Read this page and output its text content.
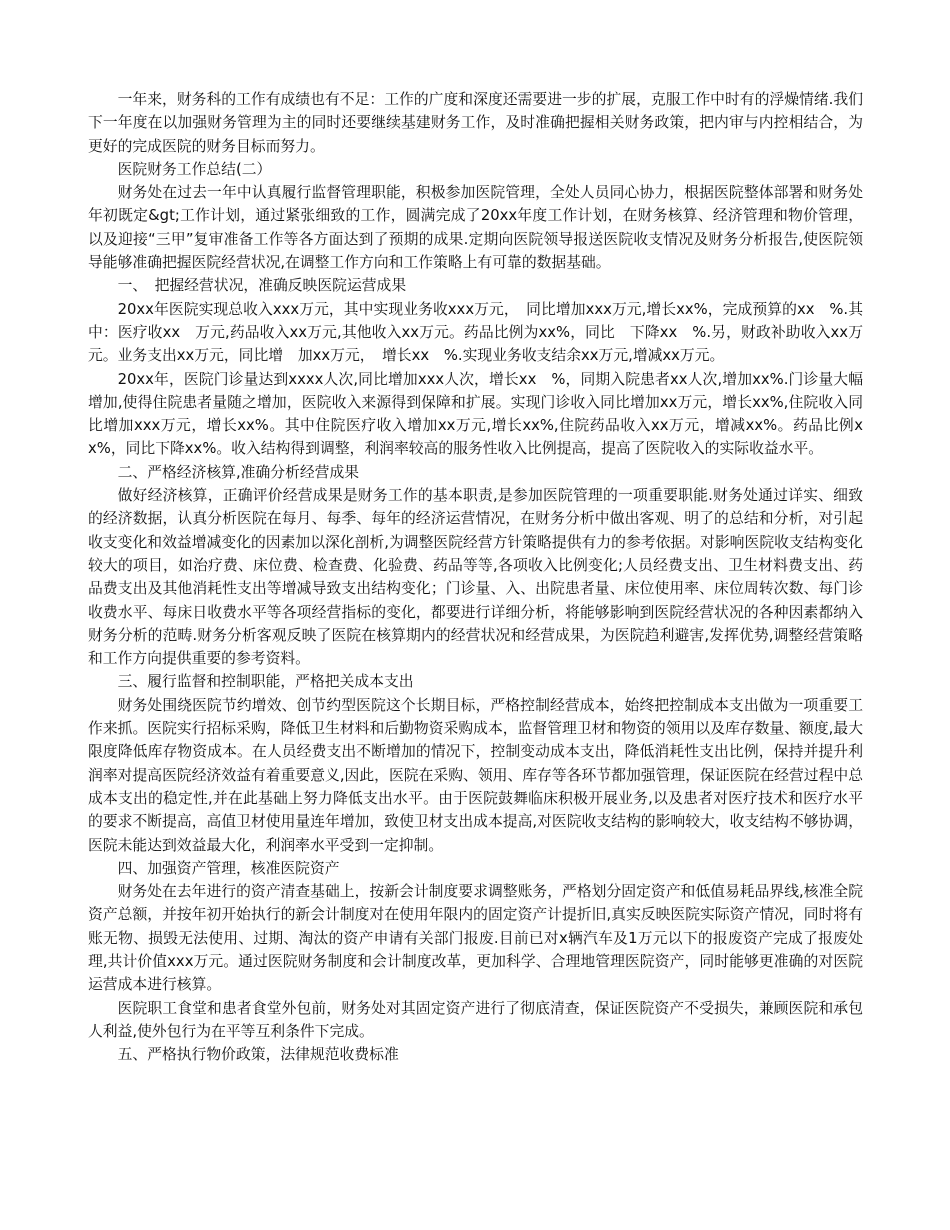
一年来，财务科的工作有成绩也有不足：工作的广度和深度还需要进一步的扩展，克服工作中时有的浮燥情绪.我们下一年度在以加强财务管理为主的同时还要继续基建财务工作，及时准确把握相关财务政策，把内审与内控相结合，为更好的完成医院的财务目标而努力。

医院财务工作总结(二）

财务处在过去一年中认真履行监督管理职能，积极参加医院管理，全处人员同心协力，根据医院整体部署和财务处年初既定&gt;工作计划，通过紧张细致的工作，圆满完成了20xx年度工作计划，在财务核算、经济管理和物价管理，以及迎接“三甲”复审准备工作等各方面达到了预期的成果.定期向医院领导报送医院收支情况及财务分析报告,使医院领导能够准确把握医院经营状况,在调整工作方向和工作策略上有可靠的数据基础。

一、　把握经营状况，准确反映医院运营成果

20xx年医院实现总收入xxx万元，其中实现业务收xxx万元，　同比增加xxx万元,增长xx%，完成预算的xx　%.其中：医疗收xx　万元,药品收入xx万元,其他收入xx万元。药品比例为xx%，同比　下降xx　%.另，财政补助收入xx万元。业务支出xx万元，同比增　加xx万元，　增长xx　%.实现业务收支结余xx万元,增减xx万元。

20xx年，医院门诊量达到xxxx人次,同比增加xxx人次，增长xx　%，同期入院患者xx人次,增加xx%.门诊量大幅增加,使得住院患者量随之增加，医院收入来源得到保障和扩展。实现门诊收入同比增加xx万元，增长xx%,住院收入同比增加xxx万元，增长xx%。其中住院医疗收入增加xx万元,增长xx%,住院药品收入xx万元，增减xx%。药品比例xx%，同比下降xx%。收入结构得到调整，利润率较高的服务性收入比例提高，提高了医院收入的实际收益水平。

二、严格经济核算,准确分析经营成果

做好经济核算，正确评价经营成果是财务工作的基本职责,是参加医院管理的一项重要职能.财务处通过详实、细致的经济数据，认真分析医院在每月、每季、每年的经济运营情况，在财务分析中做出客观、明了的总结和分析，对引起收支变化和效益增减变化的因素加以深化剖析,为调整医院经营方针策略提供有力的参考依据。对影响医院收支结构变化较大的项目，如治疗费、床位费、检查费、化验费、药品等等,各项收入比例变化;人员经费支出、卫生材料费支出、药品费支出及其他消耗性支出等增减导致支出结构变化；门诊量、入、出院患者量、床位使用率、床位周转次数、每门诊收费水平、每床日收费水平等各项经营指标的变化，都要进行详细分析，将能够影响到医院经营状况的各种因素都纳入财务分析的范畴.财务分析客观反映了医院在核算期内的经营状况和经营成果，为医院趋利避害,发挥优势,调整经营策略和工作方向提供重要的参考资料。

三、履行监督和控制职能，严格把关成本支出

财务处围绕医院节约增效、创节约型医院这个长期目标，严格控制经营成本，始终把控制成本支出做为一项重要工作来抓。医院实行招标采购，降低卫生材料和后勤物资采购成本，监督管理卫材和物资的领用以及库存数量、额度,最大限度降低库存物资成本。在人员经费支出不断增加的情况下，控制变动成本支出，降低消耗性支出比例，保持并提升利润率对提高医院经济效益有着重要意义,因此，医院在采购、领用、库存等各环节都加强管理，保证医院在经营过程中总成本支出的稳定性,并在此基础上努力降低支出水平。由于医院鼓舞临床积极开展业务,以及患者对医疗技术和医疗水平的要求不断提高，高值卫材使用量连年增加，致使卫材支出成本提高,对医院收支结构的影响较大，收支结构不够协调，医院未能达到效益最大化，利润率水平受到一定抑制。

四、加强资产管理，核准医院资产

财务处在去年进行的资产清查基础上，按新会计制度要求调整账务，严格划分固定资产和低值易耗品界线,核准全院资产总额，并按年初开始执行的新会计制度对在使用年限内的固定资产计提折旧,真实反映医院实际资产情况，同时将有账无物、损毁无法使用、过期、淘汰的资产申请有关部门报废.目前已对x辆汽车及1万元以下的报废资产完成了报废处理,共计价值xxx万元。通过医院财务制度和会计制度改革，更加科学、合理地管理医院资产，同时能够更准确的对医院运营成本进行核算。

医院职工食堂和患者食堂外包前，财务处对其固定资产进行了彻底清查，保证医院资产不受损失，兼顾医院和承包人利益,使外包行为在平等互利条件下完成。

五、严格执行物价政策，法律规范收费标准
